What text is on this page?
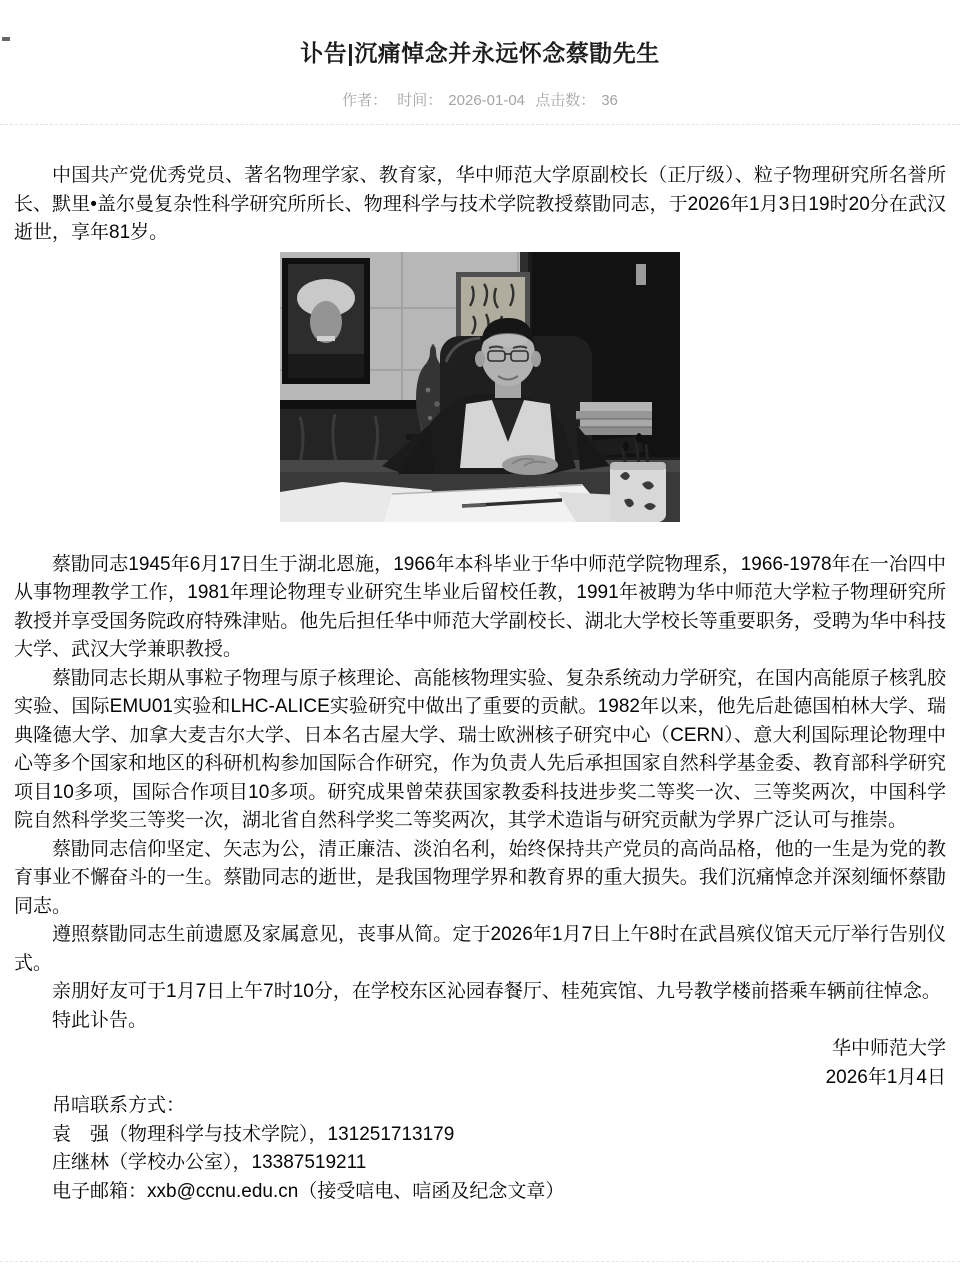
讣告|沉痛悼念并永远怀念蔡勖先生
作者： 时间： 2026-01-04 点击数： 36

中国共产党优秀党员、著名物理学家、教育家，华中师范大学原副校长（正厅级）、粒子物理研究所名誉所长、默里•盖尔曼复杂性科学研究所所长、物理科学与技术学院教授蔡勖同志，于2026年1月3日19时20分在武汉逝世，享年81岁。

蔡勖同志1945年6月17日生于湖北恩施，1966年本科毕业于华中师范学院物理系，1966-1978年在一冶四中从事物理教学工作，1981年理论物理专业研究生毕业后留校任教，1991年被聘为华中师范大学粒子物理研究所教授并享受国务院政府特殊津贴。他先后担任华中师范大学副校长、湖北大学校长等重要职务，受聘为华中科技大学、武汉大学兼职教授。

蔡勖同志长期从事粒子物理与原子核理论、高能核物理实验、复杂系统动力学研究，在国内高能原子核乳胶实验、国际EMU01实验和LHC-ALICE实验研究中做出了重要的贡献。1982年以来，他先后赴德国柏林大学、瑞典隆德大学、加拿大麦吉尔大学、日本名古屋大学、瑞士欧洲核子研究中心（CERN）、意大利国际理论物理中心等多个国家和地区的科研机构参加国际合作研究，作为负责人先后承担国家自然科学基金委、教育部科学研究项目10多项，国际合作项目10多项。研究成果曾荣获国家教委科技进步奖二等奖一次、三等奖两次，中国科学院自然科学奖三等奖一次，湖北省自然科学奖二等奖两次，其学术造诣与研究贡献为学界广泛认可与推崇。

蔡勖同志信仰坚定、矢志为公，清正廉洁、淡泊名利，始终保持共产党员的高尚品格，他的一生是为党的教育事业不懈奋斗的一生。蔡勖同志的逝世，是我国物理学界和教育界的重大损失。我们沉痛悼念并深刻缅怀蔡勖同志。

遵照蔡勖同志生前遗愿及家属意见，丧事从简。定于2026年1月7日上午8时在武昌殡仪馆天元厅举行告别仪式。

亲朋好友可于1月7日上午7时10分，在学校东区沁园春餐厅、桂苑宾馆、九号教学楼前搭乘车辆前往悼念。

特此讣告。

华中师范大学

2026年1月4日

吊唁联系方式：

袁　强（物理科学与技术学院），131251713179

庄继林（学校办公室），13387519211

电子邮箱：xxb@ccnu.edu.cn（接受唁电、唁函及纪念文章）
